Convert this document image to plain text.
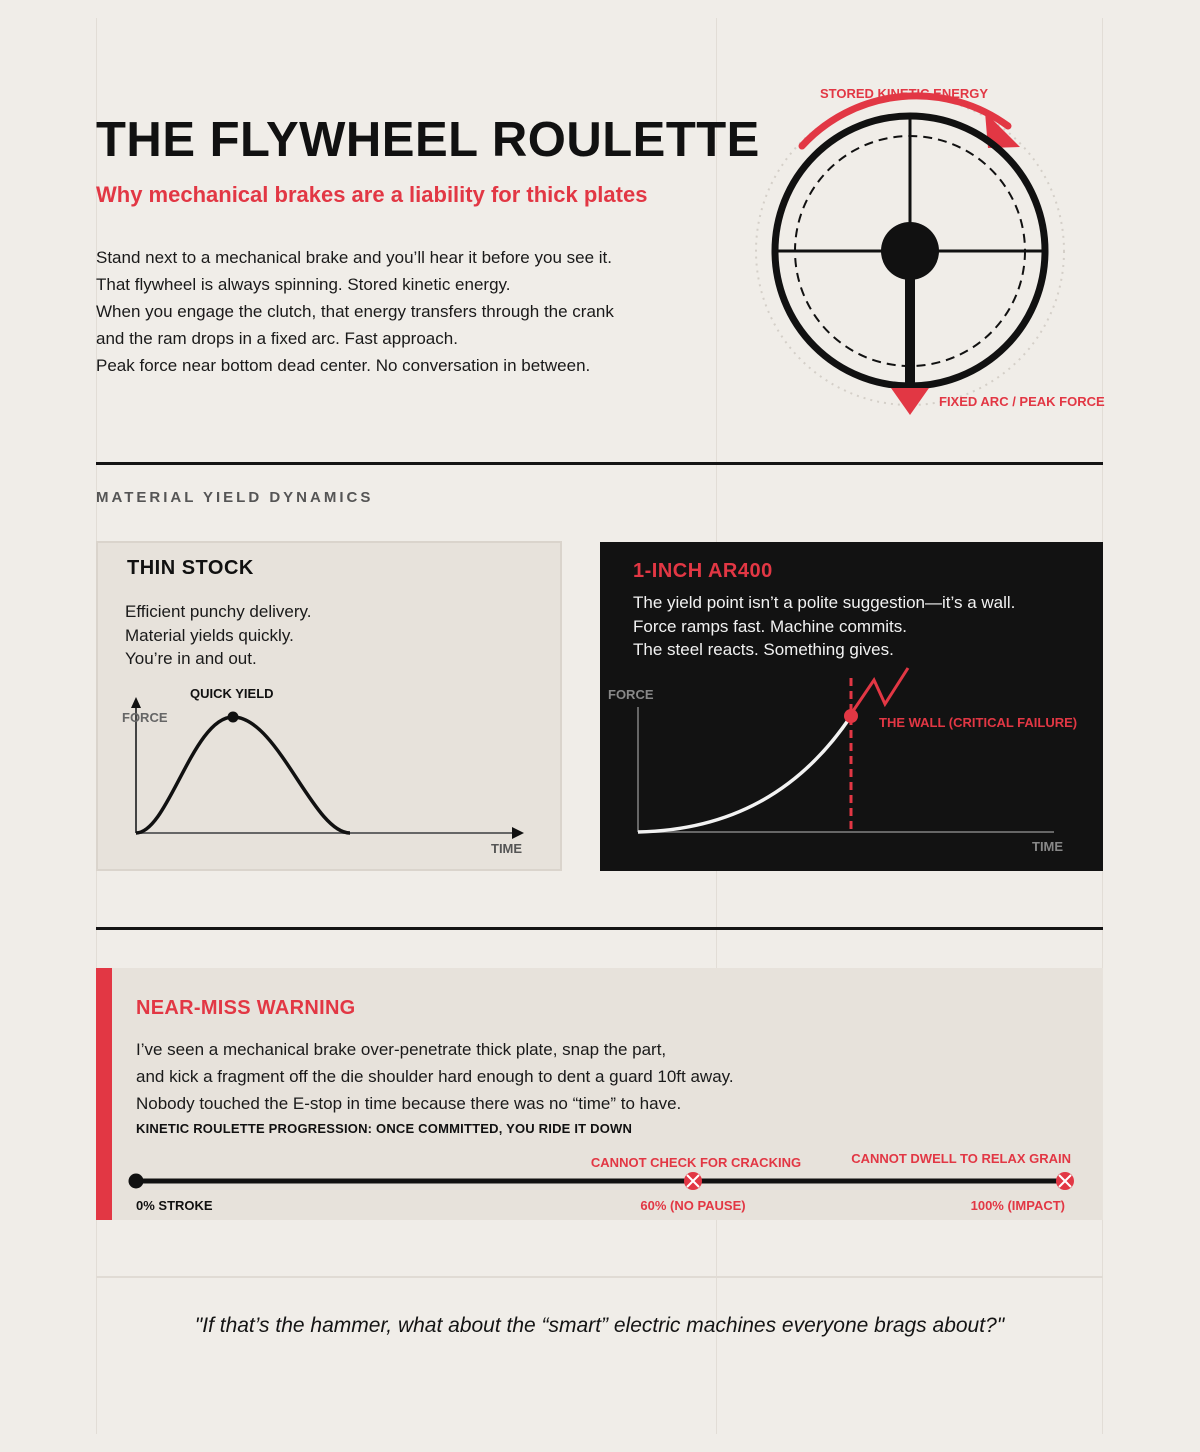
THE FLYWHEEL ROULETTE
Why mechanical brakes are a liability for thick plates

Stand next to a mechanical brake and you’ll hear it before you see it.

That flywheel is always spinning. Stored kinetic energy.

When you engage the clutch, that energy transfers through the crank

and the ram drops in a fixed arc. Fast approach.

Peak force near bottom dead center. No conversation in between.

STORED KINETIC ENERGY
FIXED ARC / PEAK FORCE
MATERIAL YIELD DYNAMICS
THIN STOCK
Efficient punchy delivery.
Material yields quickly.
You’re in and out.
FORCE
TIME
QUICK YIELD
1-INCH AR400
The yield point isn’t a polite suggestion—it’s a wall.
Force ramps fast. Machine commits.
The steel reacts. Something gives.
FORCE
TIME
THE WALL (CRITICAL FAILURE)
NEAR-MISS WARNING

I’ve seen a mechanical brake over-penetrate thick plate, snap the part,

and kick a fragment off the die shoulder hard enough to dent a guard 10ft away.

Nobody touched the E-stop in time because there was no “time” to have.

KINETIC ROULETTE PROGRESSION: ONCE COMMITTED, YOU RIDE IT DOWN
0% STROKE
CANNOT CHECK FOR CRACKING
60% (NO PAUSE)
CANNOT DWELL TO RELAX GRAIN
100% (IMPACT)
"If that’s the hammer, what about the “smart” electric machines everyone brags about?"
